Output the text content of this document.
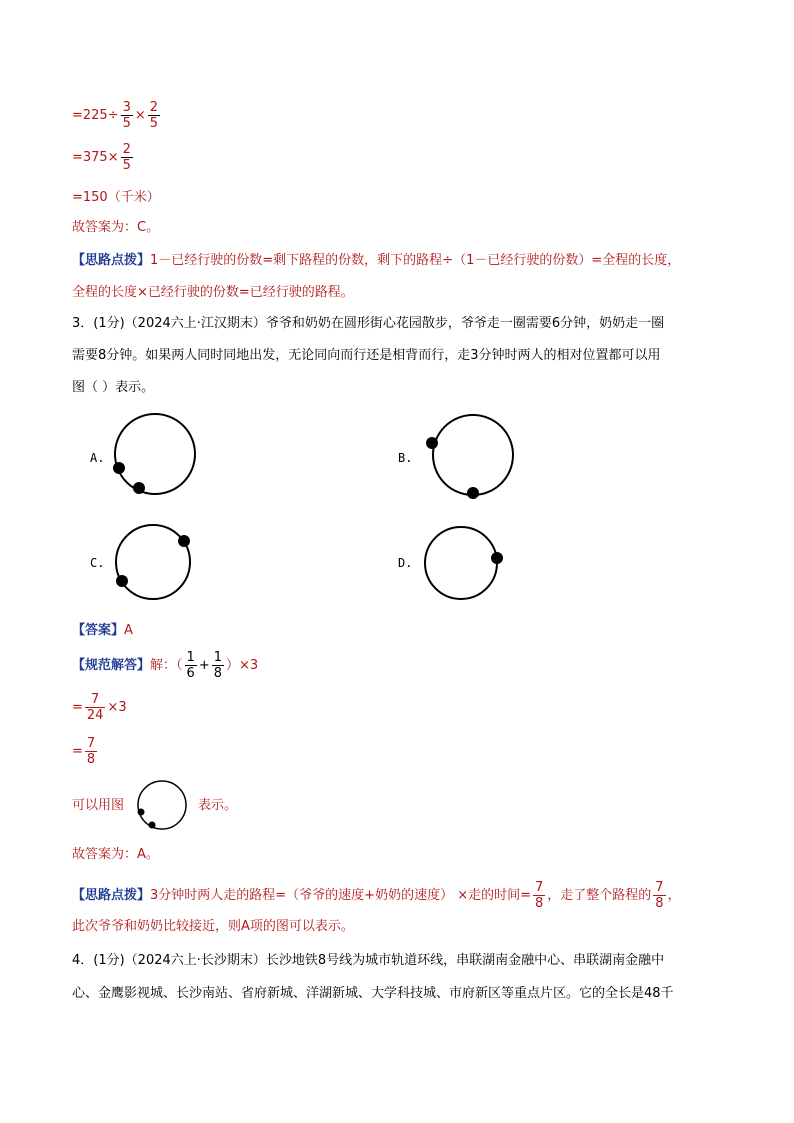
$=225\div \frac{3}{5} \times \frac{2}{5}$
$=375\times \frac{2}{5}$
=150（千米）
故答案为：C。
【思路点拨】1－已经行驶的份数=剩下路程的份数，剩下的路程÷（1－已经行驶的份数）=全程的长度，
全程的长度×已经行驶的份数=已经行驶的路程。
3．(1分)（2024六上·江汉期末）爷爷和奶奶在圆形街心花园散步，爷爷走一圈需要6分钟，奶奶走一圈
需要8分钟。如果两人同时同地出发，无论同向而行还是相背而行，走3分钟时两人的相对位置都可以用
图（ ）表示。
A.	B.
C.	D.
【答案】A
【规范解答】解：（ $\frac{1}{6} + \frac{1}{8} )\times 3$
= $\frac{7}{24} \times 3$
= $\frac{7}{8}$
可以用图	表示。
故答案为：A。
【思路点拨】3分钟时两人走的路程=（爷爷的速度+奶奶的速度） ×走的时间= $\frac{7}{8}$ ，走了整个路程的 $\frac{7}{8}$ ，
此次爷爷和奶奶比较接近，则A项的图可以表示。
4．(1分)（2024六上·长沙期末）长沙地铁8号线为城市轨道环线，串联湖南金融中心、串联湖南金融中
心、金鹰影视城、长沙南站、省府新城、洋湖新城、大学科技城、市府新区等重点片区。它的全长是48千
